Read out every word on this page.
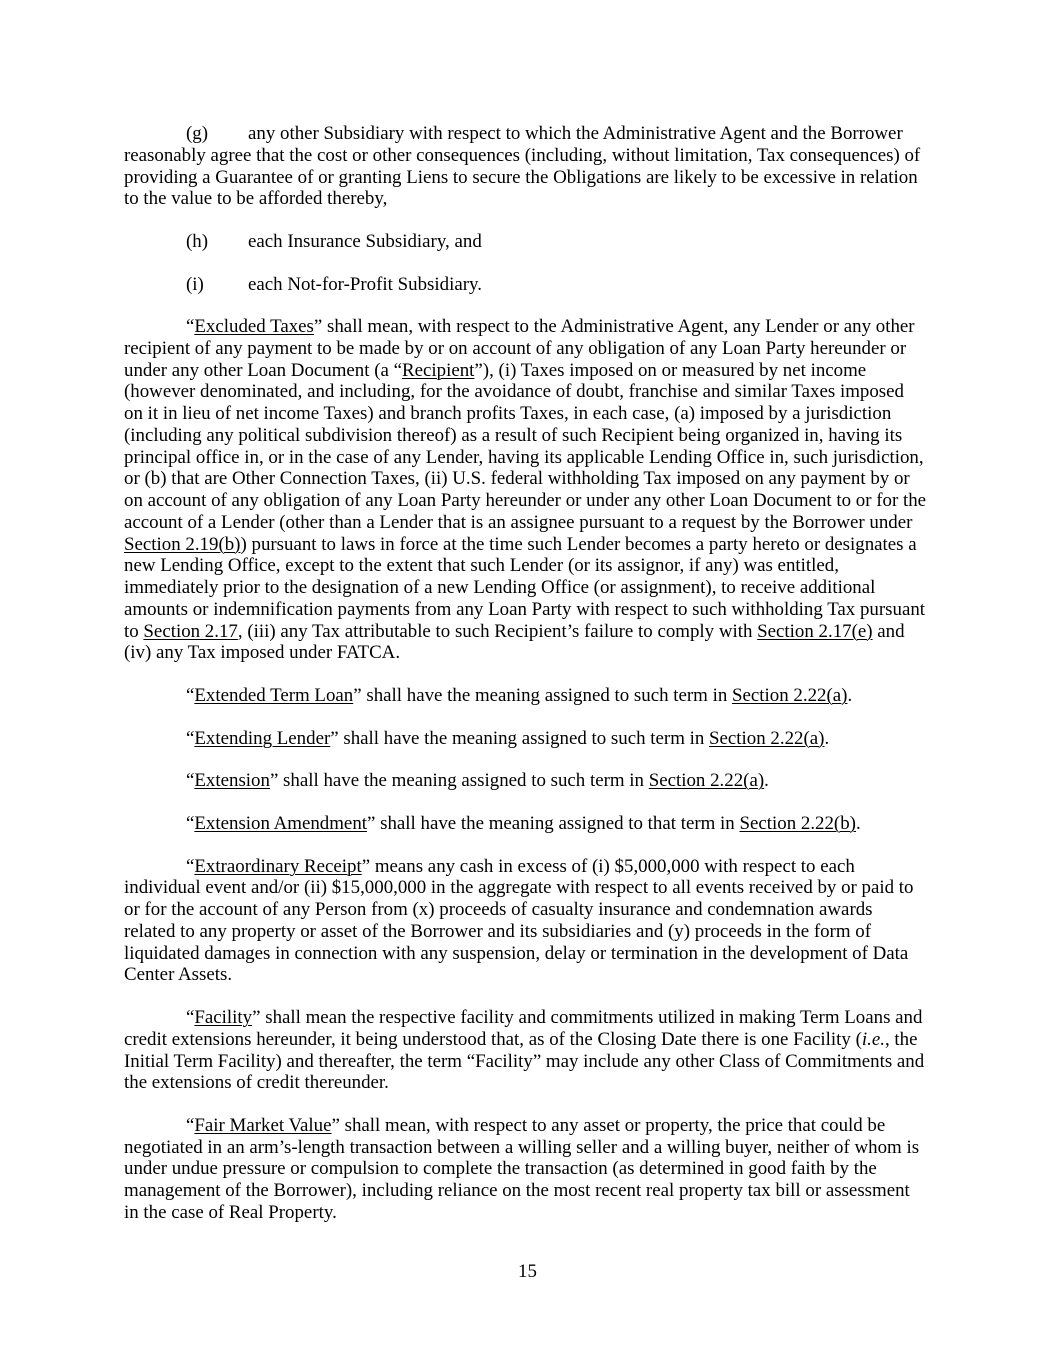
(g) any other Subsidiary with respect to which the Administrative Agent and the Borrower
reasonably agree that the cost or other consequences (including, without limitation, Tax consequences) of
providing a Guarantee of or granting Liens to secure the Obligations are likely to be excessive in relation
to the value to be afforded thereby,
(h) each Insurance Subsidiary, and
(i) each Not-for-Profit Subsidiary.
“Excluded Taxes” shall mean, with respect to the Administrative Agent, any Lender or any other
recipient of any payment to be made by or on account of any obligation of any Loan Party hereunder or
under any other Loan Document (a “Recipient”), (i) Taxes imposed on or measured by net income
(however denominated, and including, for the avoidance of doubt, franchise and similar Taxes imposed
on it in lieu of net income Taxes) and branch profits Taxes, in each case, (a) imposed by a jurisdiction
(including any political subdivision thereof) as a result of such Recipient being organized in, having its
principal office in, or in the case of any Lender, having its applicable Lending Office in, such jurisdiction,
or (b) that are Other Connection Taxes, (ii) U.S. federal withholding Tax imposed on any payment by or
on account of any obligation of any Loan Party hereunder or under any other Loan Document to or for the
account of a Lender (other than a Lender that is an assignee pursuant to a request by the Borrower under
Section 2.19(b)) pursuant to laws in force at the time such Lender becomes a party hereto or designates a
new Lending Office, except to the extent that such Lender (or its assignor, if any) was entitled,
immediately prior to the designation of a new Lending Office (or assignment), to receive additional
amounts or indemnification payments from any Loan Party with respect to such withholding Tax pursuant
to Section 2.17, (iii) any Tax attributable to such Recipient’s failure to comply with Section 2.17(e) and
(iv) any Tax imposed under FATCA.
“Extended Term Loan” shall have the meaning assigned to such term in Section 2.22(a).
“Extending Lender” shall have the meaning assigned to such term in Section 2.22(a).
“Extension” shall have the meaning assigned to such term in Section 2.22(a).
“Extension Amendment” shall have the meaning assigned to that term in Section 2.22(b).
“Extraordinary Receipt” means any cash in excess of (i) $5,000,000 with respect to each
individual event and/or (ii) $15,000,000 in the aggregate with respect to all events received by or paid to
or for the account of any Person from (x) proceeds of casualty insurance and condemnation awards
related to any property or asset of the Borrower and its subsidiaries and (y) proceeds in the form of
liquidated damages in connection with any suspension, delay or termination in the development of Data
Center Assets.
“Facility” shall mean the respective facility and commitments utilized in making Term Loans and
credit extensions hereunder, it being understood that, as of the Closing Date there is one Facility (i.e., the
Initial Term Facility) and thereafter, the term “Facility” may include any other Class of Commitments and
the extensions of credit thereunder.
“Fair Market Value” shall mean, with respect to any asset or property, the price that could be
negotiated in an arm’s-length transaction between a willing seller and a willing buyer, neither of whom is
under undue pressure or compulsion to complete the transaction (as determined in good faith by the
management of the Borrower), including reliance on the most recent real property tax bill or assessment
in the case of Real Property.
15
